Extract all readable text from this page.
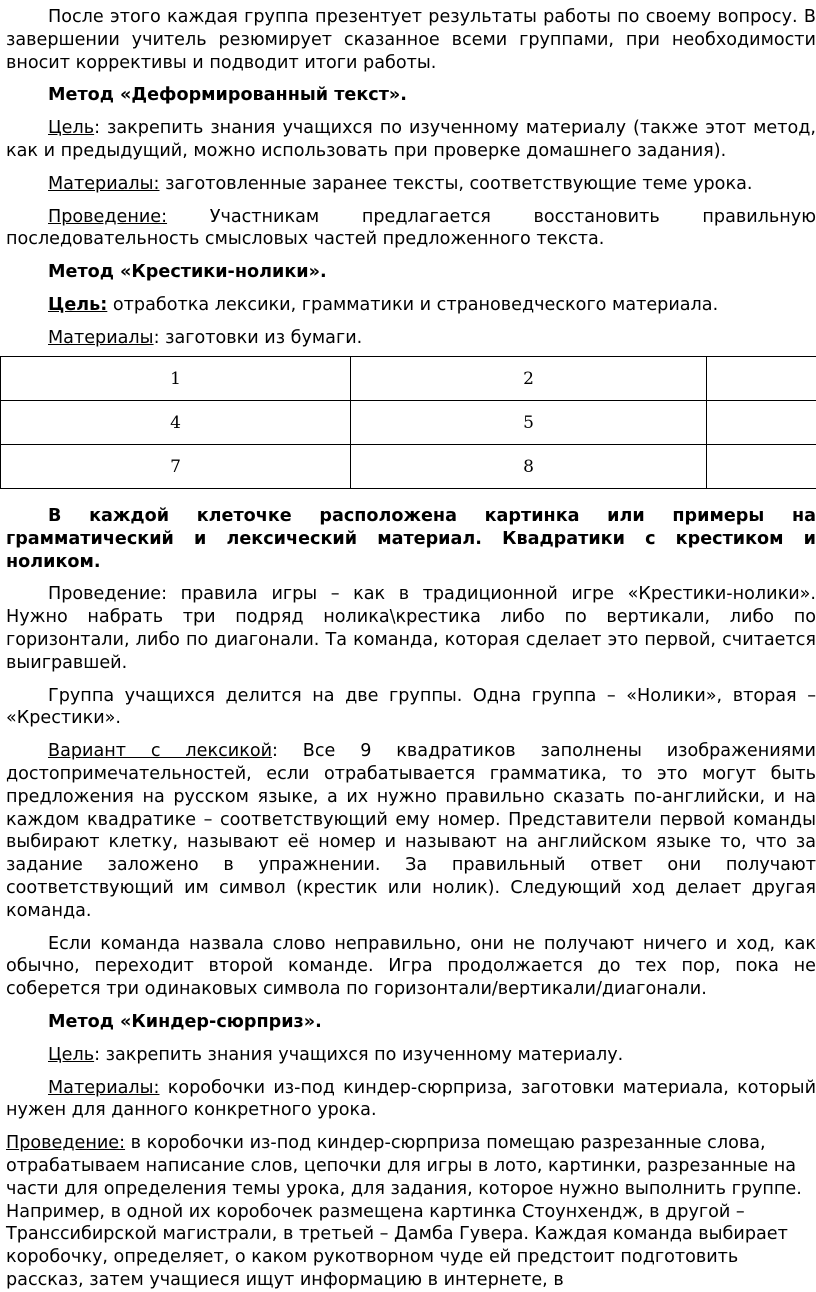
После этого каждая группа презентует результаты работы по своему вопросу. В завершении учитель резюмирует сказанное всеми группами, при необходимости вносит коррективы и подводит итоги работы.

Метод «Деформированный текст».

Цель: закрепить знания учащихся по изученному материалу (также этот метод, как и предыдущий, можно использовать при проверке домашнего задания).

Материалы: заготовленные заранее тексты, соответствующие теме урока.

Проведение: Участникам предлагается восстановить правильную последовательность смысловых частей предложенного текста.

Метод «Крестики-нолики».

Цель: отработка лексики, грамматики и страноведческого материала.

Материалы: заготовки из бумаги.

1	2	
4	5	
7	8	

В каждой клеточке расположена картинка или примеры на грамматический и лексический материал. Квадратики с крестиком и ноликом.

Проведение: правила игры – как в традиционной игре «Крестики-нолики». Нужно набрать три подряд нолика\крестика либо по вертикали, либо по горизонтали, либо по диагонали. Та команда, которая сделает это первой, считается выигравшей.

Группа учащихся делится на две группы. Одна группа – «Нолики», вторая – «Крестики».

Вариант с лексикой: Все 9 квадратиков заполнены изображениями достопримечательностей, если отрабатывается грамматика, то это могут быть предложения на русском языке, а их нужно правильно сказать по-английски, и на каждом квадратике – соответствующий ему номер. Представители первой команды выбирают клетку, называют её номер и называют на английском языке то, что за задание заложено в упражнении. За правильный ответ они получают соответствующий им символ (крестик или нолик). Следующий ход делает другая команда.

Если команда назвала слово неправильно, они не получают ничего и ход, как обычно, переходит второй команде. Игра продолжается до тех пор, пока не соберется три одинаковых символа по горизонтали/вертикали/диагонали.

Метод «Киндер-сюрприз».

Цель: закрепить знания учащихся по изученному материалу.

Материалы: коробочки из-под киндер-сюрприза, заготовки материала, который нужен для данного конкретного урока.

Проведение: в коробочки из-под киндер-сюрприза помещаю разрезанные слова, отрабатываем написание слов, цепочки для игры в лото, картинки, разрезанные на части для определения темы урока, для задания, которое нужно выполнить группе. Например, в одной их коробочек размещена картинка Стоунхендж, в другой – Транссибирской магистрали, в третьей – Дамба Гувера. Каждая команда выбирает коробочку, определяет, о каком рукотворном чуде ей предстоит подготовить рассказ, затем учащиеся ищут информацию в интернете, в
